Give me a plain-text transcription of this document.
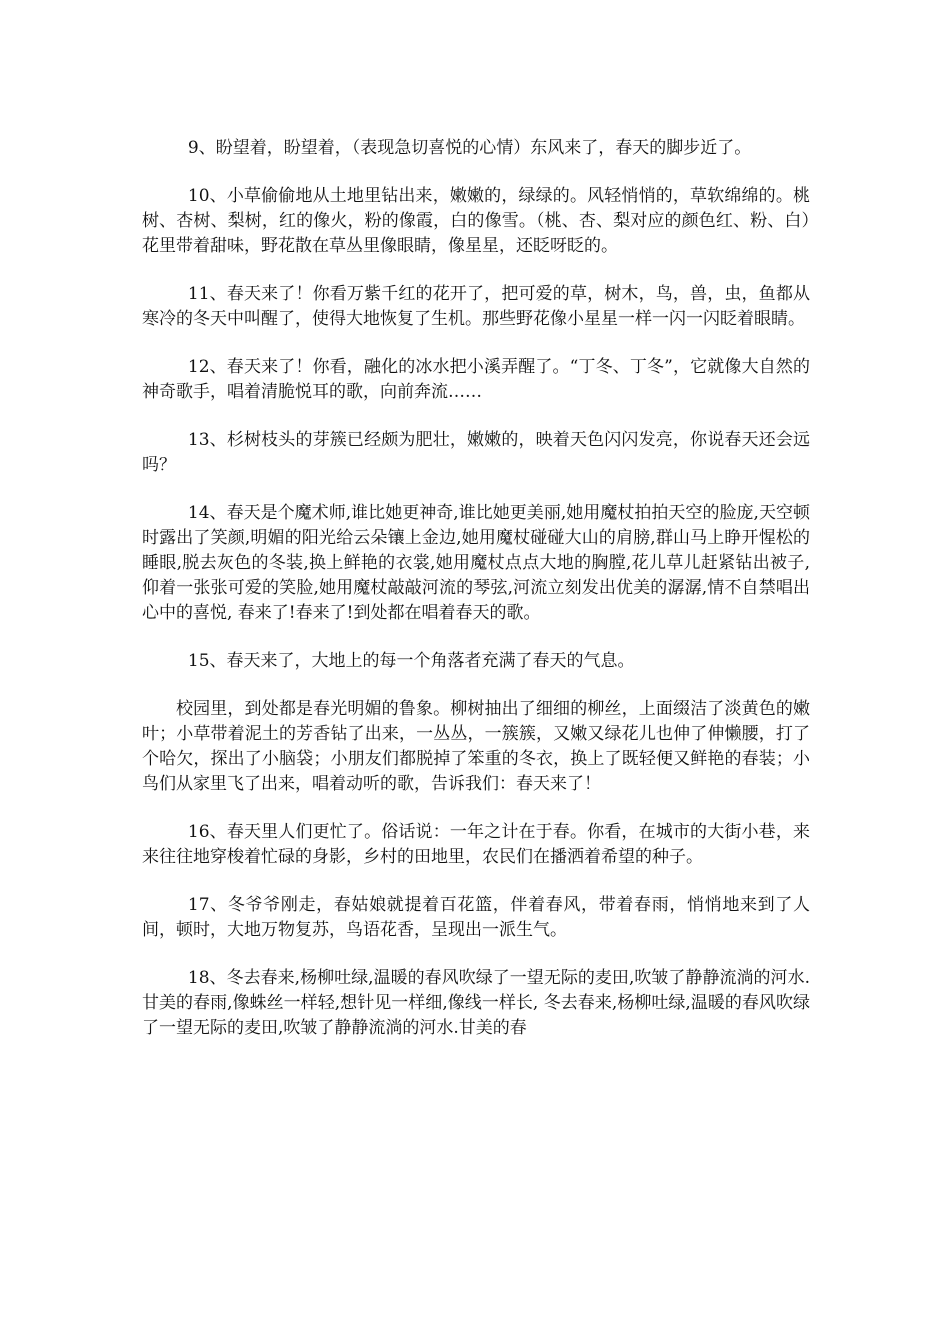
9、盼望着，盼望着，（表现急切喜悦的心情）东风来了，春天的脚步近了。

10、小草偷偷地从土地里钻出来，嫩嫩的，绿绿的。风轻悄悄的，草软绵绵的。桃树、杏树、梨树，红的像火，粉的像霞，白的像雪。（桃、杏、梨对应的颜色红、粉、白）花里带着甜味，野花散在草丛里像眼睛，像星星，还眨呀眨的。

11、春天来了！你看万紫千红的花开了，把可爱的草，树木，鸟，兽，虫，鱼都从寒冷的冬天中叫醒了，使得大地恢复了生机。那些野花像小星星一样一闪一闪眨着眼睛。

12、春天来了！你看，融化的冰水把小溪弄醒了。“丁冬、丁冬”，它就像大自然的神奇歌手，唱着清脆悦耳的歌，向前奔流……

13、杉树枝头的芽簇已经颇为肥壮，嫩嫩的，映着天色闪闪发亮，你说春天还会远吗？

14、春天是个魔术师,谁比她更神奇,谁比她更美丽,她用魔杖拍拍天空的脸庞,天空顿时露出了笑颜,明媚的阳光给云朵镶上金边,她用魔杖碰碰大山的肩膀,群山马上睁开惺松的睡眼,脱去灰色的冬装,换上鲜艳的衣裳,她用魔杖点点大地的胸膛,花儿草儿赶紧钻出被子,仰着一张张可爱的笑脸,她用魔杖敲敲河流的琴弦,河流立刻发出优美的潺潺,情不自禁唱出心中的喜悦, 春来了!春来了!到处都在唱着春天的歌。

15、春天来了，大地上的每一个角落者充满了春天的气息。

校园里，到处都是春光明媚的鲁象。柳树抽出了细细的柳丝，上面缀洁了淡黄色的嫩叶；小草带着泥土的芳香钻了出来，一丛丛，一簇簇，又嫩又绿花儿也伸了伸懒腰，打了个哈欠，探出了小脑袋；小朋友们都脱掉了笨重的冬衣，换上了既轻便又鲜艳的春装；小鸟们从家里飞了出来，唱着动听的歌，告诉我们：春天来了！

16、春天里人们更忙了。俗话说：一年之计在于春。你看，在城市的大街小巷，来来往往地穿梭着忙碌的身影，乡村的田地里，农民们在播洒着希望的种子。

17、冬爷爷刚走，春姑娘就提着百花篮，伴着春风，带着春雨，悄悄地来到了人间，顿时，大地万物复苏，鸟语花香，呈现出一派生气。

18、冬去春来,杨柳吐绿,温暖的春风吹绿了一望无际的麦田,吹皱了静静流淌的河水.甘美的春雨,像蛛丝一样轻,想针见一样细,像线一样长, 冬去春来,杨柳吐绿,温暖的春风吹绿了一望无际的麦田,吹皱了静静流淌的河水.甘美的春
